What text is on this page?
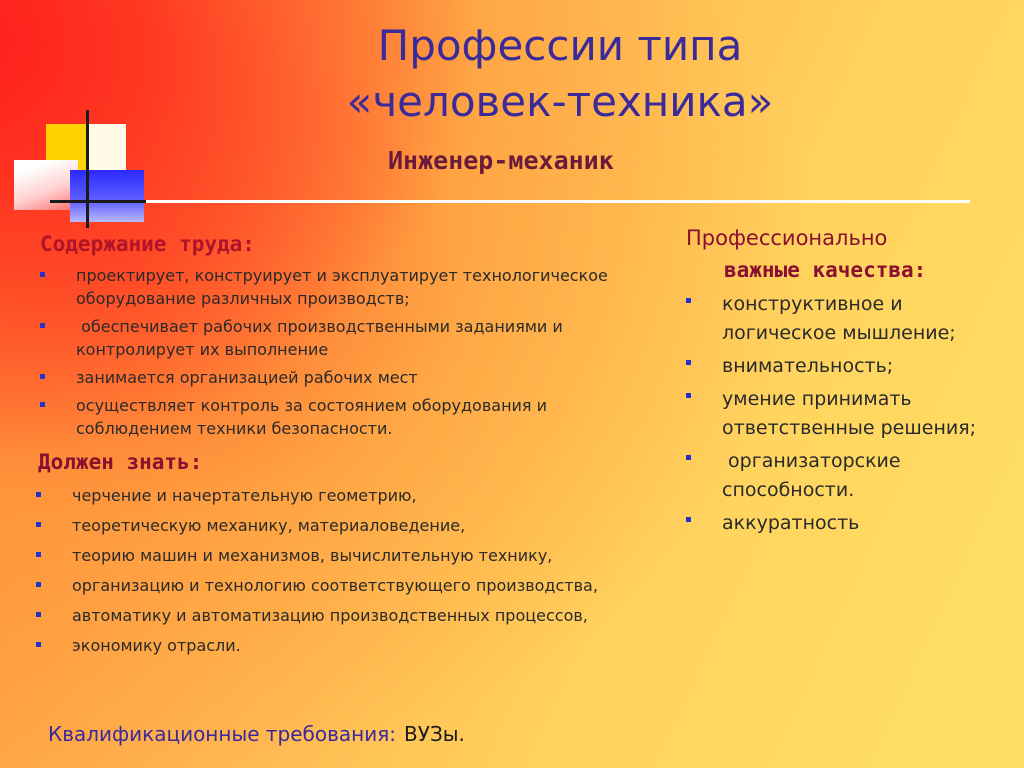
Профессии типа
«человек-техника»
Инженер-механик
Содержание труда:
проектирует, конструирует и эксплуатирует технологическое оборудование различных производств;
обеспечивает рабочих производственными заданиями и контролирует их выполнение
занимается организацией рабочих мест
осуществляет контроль за состоянием оборудования и соблюдением техники безопасности.
Должен знать:
черчение и начертательную геометрию,
теоретическую механику, материаловедение,
теорию машин и механизмов, вычислительную технику,
организацию и технологию соответствующего производства,
автоматику и автоматизацию производственных процессов,
экономику отрасли.
Профессионально
важные качества:
конструктивное и логическое мышление;
внимательность;
умение принимать ответственные решения;
организаторские способности.
аккуратность
Квалификационные требования: ВУЗы.
